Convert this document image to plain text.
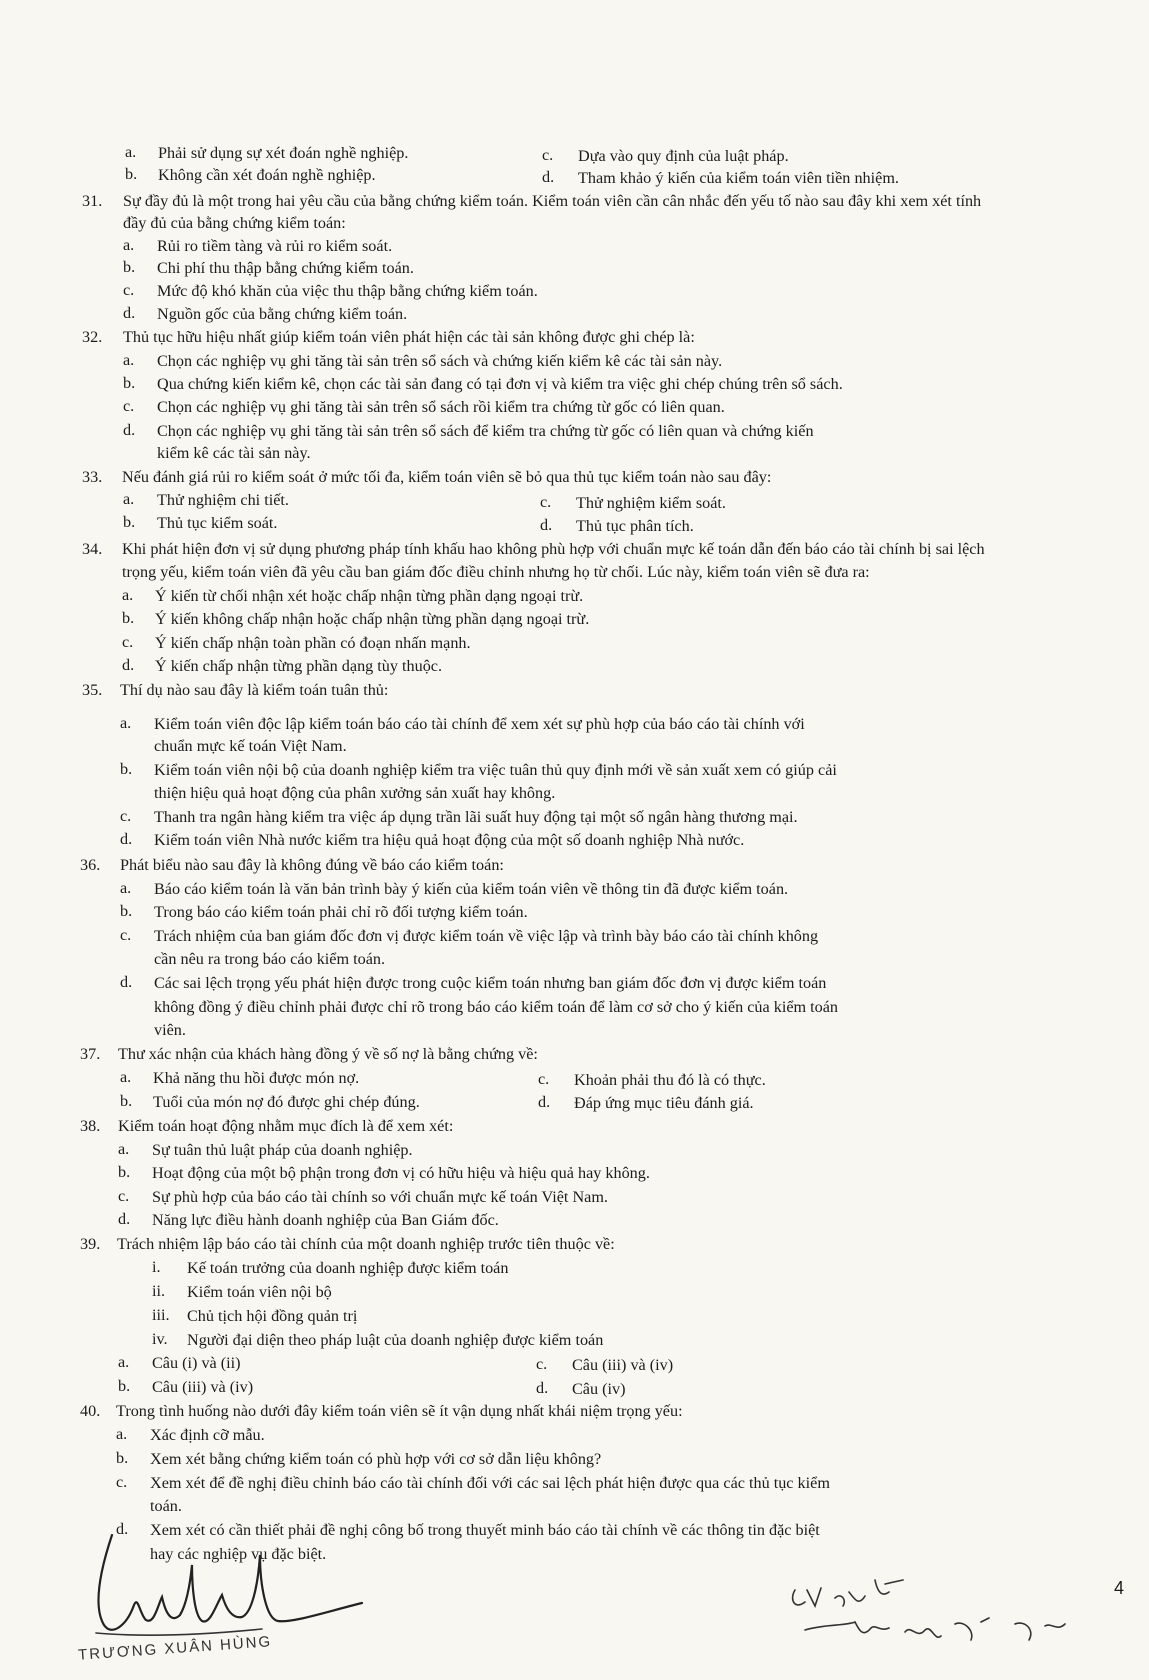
a.	Phải sử dụng sự xét đoán nghề nghiệp.	c.	Dựa vào quy định của luật pháp.
b.	Không cần xét đoán nghề nghiệp.	d.	Tham khảo ý kiến của kiểm toán viên tiền nhiệm.
31. Sự đầy đủ là một trong hai yêu cầu của bằng chứng kiểm toán. Kiểm toán viên cần cân nhắc đến yếu tố nào sau đây khi xem xét tính
đầy đủ của bằng chứng kiểm toán:
a.	Rủi ro tiềm tàng và rủi ro kiểm soát.
b.	Chi phí thu thập bằng chứng kiểm toán.
c.	Mức độ khó khăn của việc thu thập bằng chứng kiểm toán.
d.	Nguồn gốc của bằng chứng kiểm toán.
32. Thủ tục hữu hiệu nhất giúp kiểm toán viên phát hiện các tài sản không được ghi chép là:
a.	Chọn các nghiệp vụ ghi tăng tài sản trên sổ sách và chứng kiến kiểm kê các tài sản này.
b.	Qua chứng kiến kiểm kê, chọn các tài sản đang có tại đơn vị và kiểm tra việc ghi chép chúng trên sổ sách.
c.	Chọn các nghiệp vụ ghi tăng tài sản trên sổ sách rồi kiểm tra chứng từ gốc có liên quan.
d.	Chọn các nghiệp vụ ghi tăng tài sản trên sổ sách để kiểm tra chứng từ gốc có liên quan và chứng kiến
kiểm kê các tài sản này.
33. Nếu đánh giá rủi ro kiểm soát ở mức tối đa, kiểm toán viên sẽ bỏ qua thủ tục kiểm toán nào sau đây:
a.	Thử nghiệm chi tiết.	c.	Thử nghiệm kiểm soát.
b.	Thủ tục kiểm soát.	d.	Thủ tục phân tích.
34. Khi phát hiện đơn vị sử dụng phương pháp tính khấu hao không phù hợp với chuẩn mực kế toán dẫn đến báo cáo tài chính bị sai lệch
trọng yếu, kiểm toán viên đã yêu cầu ban giám đốc điều chỉnh nhưng họ từ chối. Lúc này, kiểm toán viên sẽ đưa ra:
a.	Ý kiến từ chối nhận xét hoặc chấp nhận từng phần dạng ngoại trừ.
b.	Ý kiến không chấp nhận hoặc chấp nhận từng phần dạng ngoại trừ.
c.	Ý kiến chấp nhận toàn phần có đoạn nhấn mạnh.
d.	Ý kiến chấp nhận từng phần dạng tùy thuộc.
35. Thí dụ nào sau đây là kiểm toán tuân thủ:
a.	Kiểm toán viên độc lập kiểm toán báo cáo tài chính để xem xét sự phù hợp của báo cáo tài chính với
chuẩn mực kế toán Việt Nam.
b.	Kiểm toán viên nội bộ của doanh nghiệp kiểm tra việc tuân thủ quy định mới về sản xuất xem có giúp cải
thiện hiệu quả hoạt động của phân xưởng sản xuất hay không.
c.	Thanh tra ngân hàng kiểm tra việc áp dụng trần lãi suất huy động tại một số ngân hàng thương mại.
d.	Kiểm toán viên Nhà nước kiểm tra hiệu quả hoạt động của một số doanh nghiệp Nhà nước.
36. Phát biểu nào sau đây là không đúng về báo cáo kiểm toán:
a.	Báo cáo kiểm toán là văn bản trình bày ý kiến của kiểm toán viên về thông tin đã được kiểm toán.
b.	Trong báo cáo kiểm toán phải chỉ rõ đối tượng kiểm toán.
c.	Trách nhiệm của ban giám đốc đơn vị được kiểm toán về việc lập và trình bày báo cáo tài chính không
cần nêu ra trong báo cáo kiểm toán.
d.	Các sai lệch trọng yếu phát hiện được trong cuộc kiểm toán nhưng ban giám đốc đơn vị được kiểm toán
không đồng ý điều chỉnh phải được chỉ rõ trong báo cáo kiểm toán để làm cơ sở cho ý kiến của kiểm toán
viên.
37. Thư xác nhận của khách hàng đồng ý về số nợ là bằng chứng về:
a.	Khả năng thu hồi được món nợ.	c.	Khoản phải thu đó là có thực.
b.	Tuổi của món nợ đó được ghi chép đúng.	d.	Đáp ứng mục tiêu đánh giá.
38. Kiểm toán hoạt động nhằm mục đích là để xem xét:
a.	Sự tuân thủ luật pháp của doanh nghiệp.
b.	Hoạt động của một bộ phận trong đơn vị có hữu hiệu và hiệu quả hay không.
c.	Sự phù hợp của báo cáo tài chính so với chuẩn mực kế toán Việt Nam.
d.	Năng lực điều hành doanh nghiệp của Ban Giám đốc.
39. Trách nhiệm lập báo cáo tài chính của một doanh nghiệp trước tiên thuộc về:
i.	Kế toán trưởng của doanh nghiệp được kiểm toán
ii.	Kiểm toán viên nội bộ
iii.	Chủ tịch hội đồng quản trị
iv.	Người đại diện theo pháp luật của doanh nghiệp được kiểm toán
a.	Câu (i) và (ii)	c.	Câu (iii) và (iv)
b.	Câu (iii) và (iv)	d.	Câu (iv)
40. Trong tình huống nào dưới đây kiểm toán viên sẽ ít vận dụng nhất khái niệm trọng yếu:
a.	Xác định cỡ mẫu.
b.	Xem xét bằng chứng kiểm toán có phù hợp với cơ sở dẫn liệu không?
c.	Xem xét để đề nghị điều chỉnh báo cáo tài chính đối với các sai lệch phát hiện được qua các thủ tục kiểm
toán.
d.	Xem xét có cần thiết phải đề nghị công bố trong thuyết minh báo cáo tài chính về các thông tin đặc biệt
hay các nghiệp vụ đặc biệt.
TRƯƠNG XUÂN HÙNG
4
